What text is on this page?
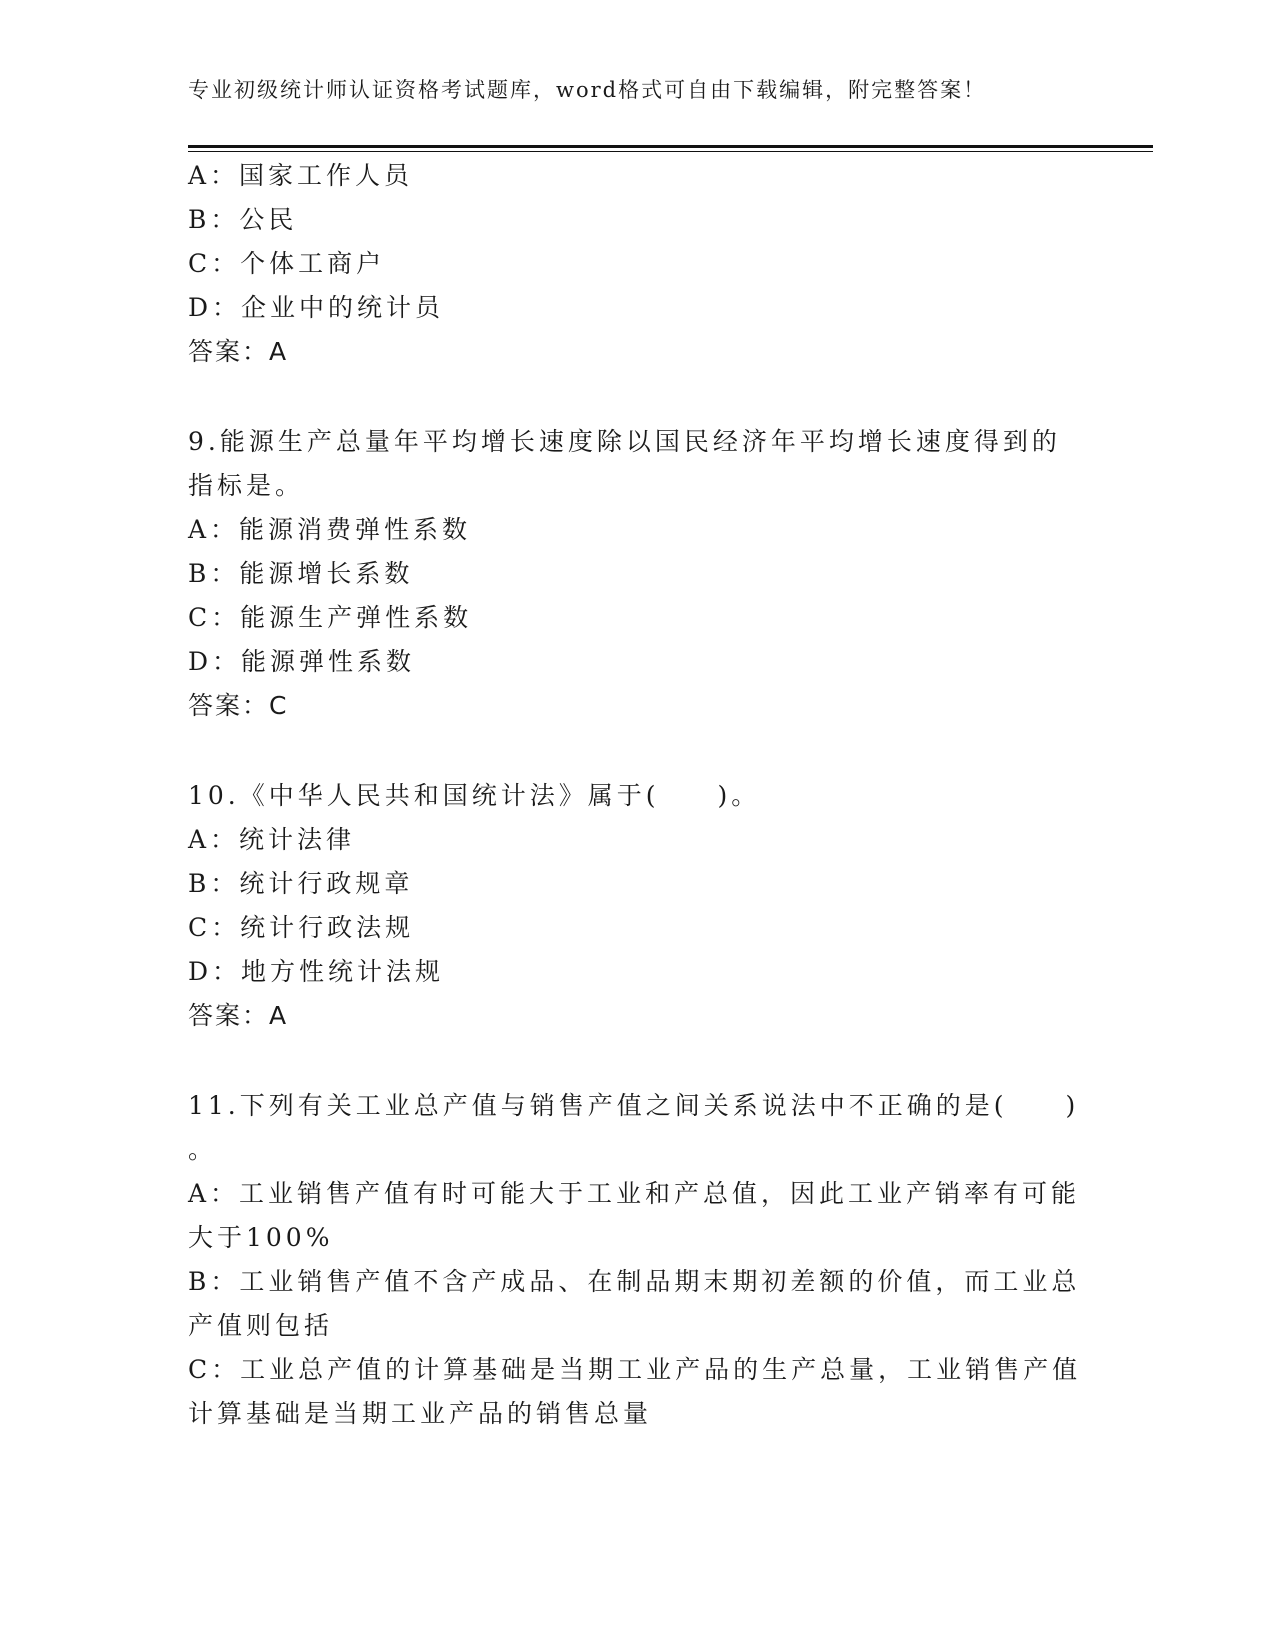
专业初级统计师认证资格考试题库，word格式可自由下载编辑，附完整答案！
A：国家工作人员
B：公民
C：个体工商户
D：企业中的统计员
答案：A
9.能源生产总量年平均增长速度除以国民经济年平均增长速度得到的
指标是。
A：能源消费弹性系数
B：能源增长系数
C：能源生产弹性系数
D：能源弹性系数
答案：C
10.《中华人民共和国统计法》属于(　　)。
A：统计法律
B：统计行政规章
C：统计行政法规
D：地方性统计法规
答案：A
11.下列有关工业总产值与销售产值之间关系说法中不正确的是(　　)
。
A：工业销售产值有时可能大于工业和产总值，因此工业产销率有可能
大于100%
B：工业销售产值不含产成品、在制品期末期初差额的价值，而工业总
产值则包括
C：工业总产值的计算基础是当期工业产品的生产总量，工业销售产值
计算基础是当期工业产品的销售总量
